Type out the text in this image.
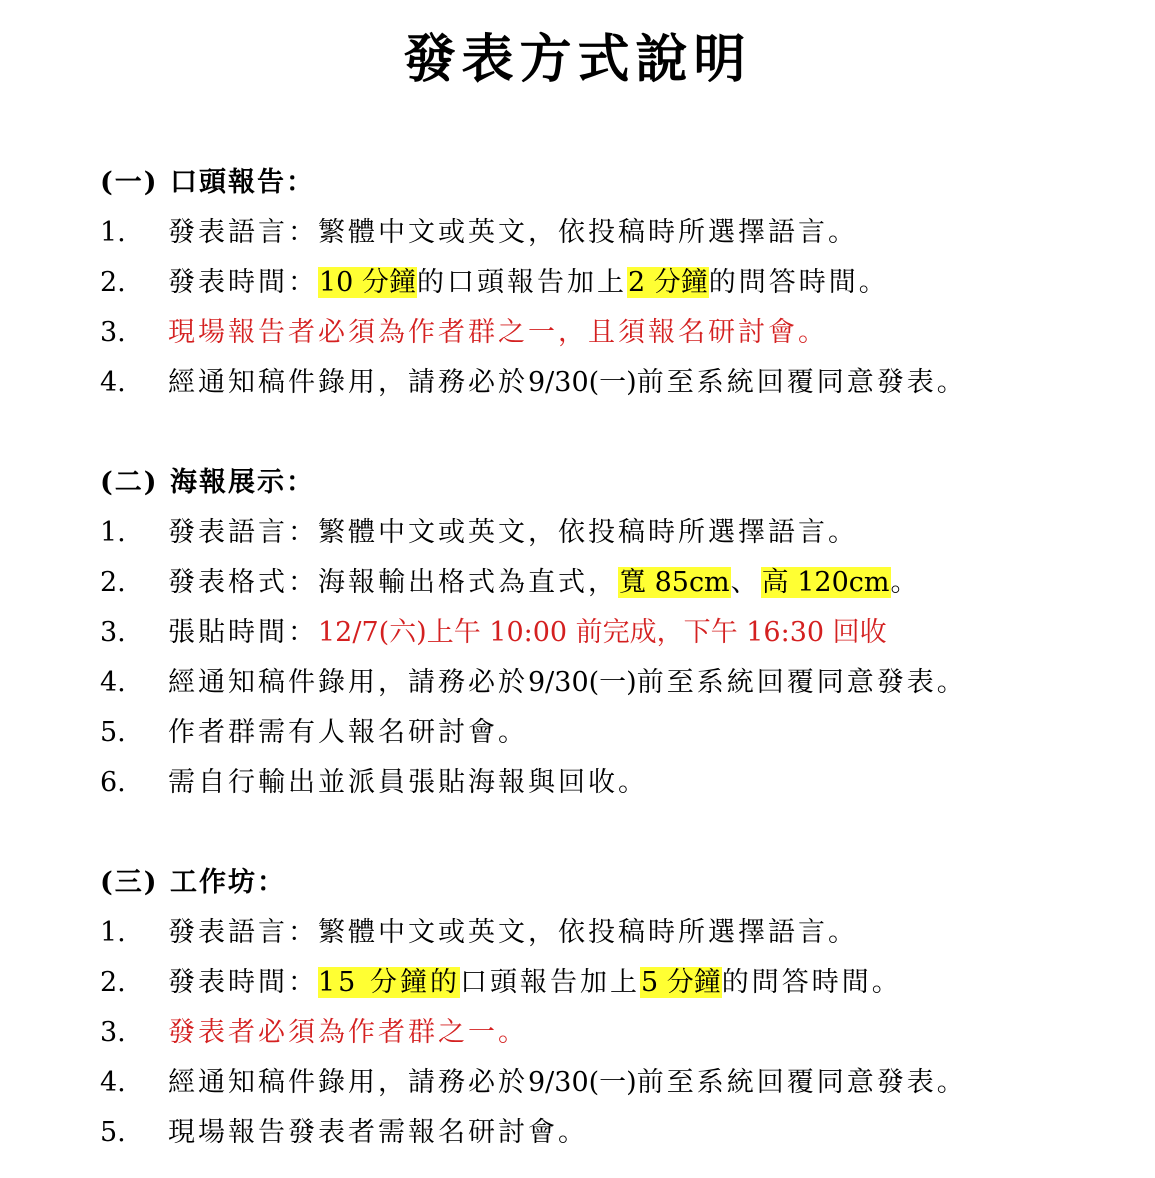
發表方式說明
(一) 口頭報告：
1. 發表語言：繁體中文或英文，依投稿時所選擇語言。
2. 發表時間：10 分鐘的口頭報告加上2 分鐘的問答時間。
3. 現場報告者必須為作者群之一，且須報名研討會。
4. 經通知稿件錄用，請務必於9/30(一)前至系統回覆同意發表。
(二) 海報展示：
1. 發表語言：繁體中文或英文，依投稿時所選擇語言。
2. 發表格式：海報輸出格式為直式，寬 85cm、高 120cm。
3. 張貼時間：12/7(六)上午 10:00 前完成，下午 16:30 回收
4. 經通知稿件錄用，請務必於9/30(一)前至系統回覆同意發表。
5. 作者群需有人報名研討會。
6. 需自行輸出並派員張貼海報與回收。
(三) 工作坊：
1. 發表語言：繁體中文或英文，依投稿時所選擇語言。
2. 發表時間：15 分鐘的口頭報告加上5 分鐘的問答時間。
3. 發表者必須為作者群之一。
4. 經通知稿件錄用，請務必於9/30(一)前至系統回覆同意發表。
5. 現場報告發表者需報名研討會。
